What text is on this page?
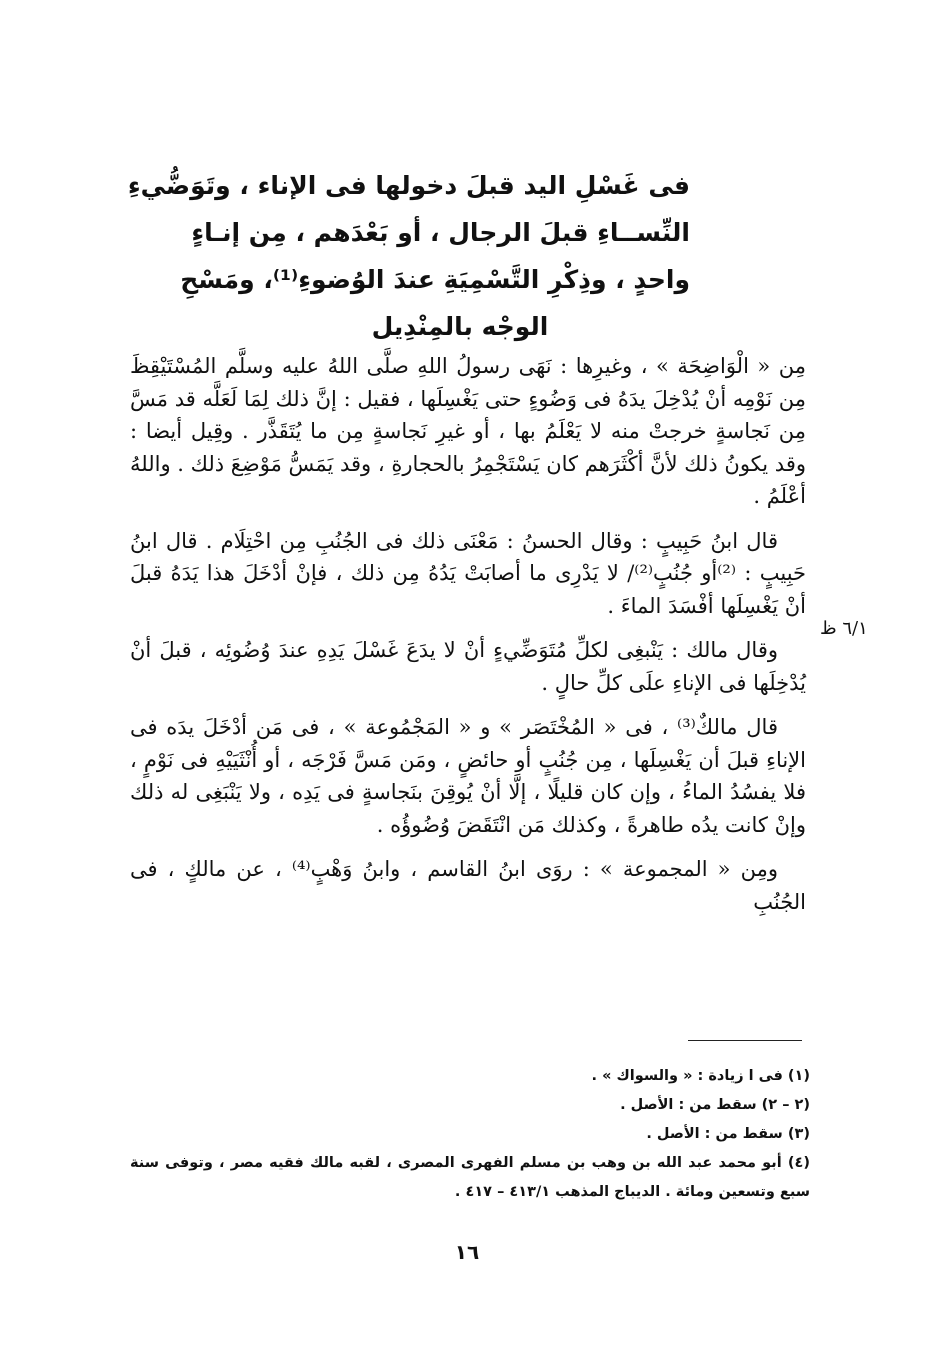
فى غَسْلِ اليد قبلَ دخولها فى الإناء ، وتَوَضُّيءِ
النِّســاءِ قبلَ الرجال ، أو بَعْدَهم ، مِن إنـاءٍ
واحدٍ ، وذِكْرِ التَّسْمِيَةِ عندَ الوُضوءِ⁽¹⁾، ومَسْحِ
الوجْه بالمِنْدِيل

مِن « الْوَاضِحَة » ، وغيرِها : نَهَى رسولُ اللهِ صلَّى اللهُ عليه وسلَّم المُسْتَيْقِظَ مِن نَوْمِه أنْ يُدْخِلَ يدَهُ فى وَضُوءٍ حتى يَغْسِلَها ، فقيل : إنَّ ذلك لِمَا لَعَلَّه قد مَسَّ مِن نَجاسةٍ خرجتْ منه لا يَعْلَمُ بها ، أو غيرِ نَجاسةٍ مِن ما يُتَقَذَّر . وقِيل أيضا : وقد يكونُ ذلك لأنَّ أكْثَرَهم كان يَسْتَجْمِرُ بالحجارةِ ، وقد يَمَسُّ مَوْضِعَ ذلك . واللهُ أعْلَمُ .

قال ابنُ حَبِيبٍ : وقال الحسنُ : مَعْنَى ذلك فى الجُنُبِ مِن احْتِلَام . قال ابنُ حَبِيبٍ : ⁽²⁾أو جُنُبٍ⁽²⁾/ لا يَدْرِى ما أصابَتْ يَدُهُ مِن ذلك ، فإنْ أدْخَلَ هذا يَدَهُ قبلَ أنْ يَغْسِلَها أفْسَدَ الماءَ .

وقال مالك : يَنْبغِى لكلِّ مُتَوَضِّيءٍ أنْ لا يدَعَ غَسْلَ يَدِهِ عندَ وُضُوئِه ، قبلَ أنْ يُدْخِلَها فى الإناءِ علَى كلِّ حالٍ .

قال مالكٌ⁽³⁾ ، فى « المُخْتَصَر » و « المَجْمُوعة » ، فى مَن أدْخَلَ يدَه فى الإناءِ قبلَ أن يَغْسِلَها ، مِن جُنُبٍ أو حائضٍ ، ومَن مَسَّ فَرْجَه ، أو أُنْثَيَيْهِ فى نَوْمٍ ، فلا يفسُدُ الماءُ ، وإن كان قليلًا ، إلَّا أنْ يُوقِنَ بنَجاسةٍ فى يَدِه ، ولا يَنْبَغِى له ذلك وإنْ كانت يدُه طاهرةً ، وكذلك مَن انْتَقَضَ وُضُوؤُه .

ومِن « المجموعة » : روَى ابنُ القاسم ، وابنُ وَهْبٍ⁽⁴⁾ ، عن مالكٍ ، فى الجُنُبِ

٦/١ ظ
(١) فى ا زيادة : « والسواك » .
(٢ – ٢) سقط من : الأصل .
(٣) سقط من : الأصل .
(٤) أبو محمد عبد الله بن وهب بن مسلم الفهرى المصرى ، لقبه مالك فقيه مصر ، وتوفى سنة سبع وتسعين ومائة . الديباج المذهب ٤١٣/١ – ٤١٧ .
١٦
